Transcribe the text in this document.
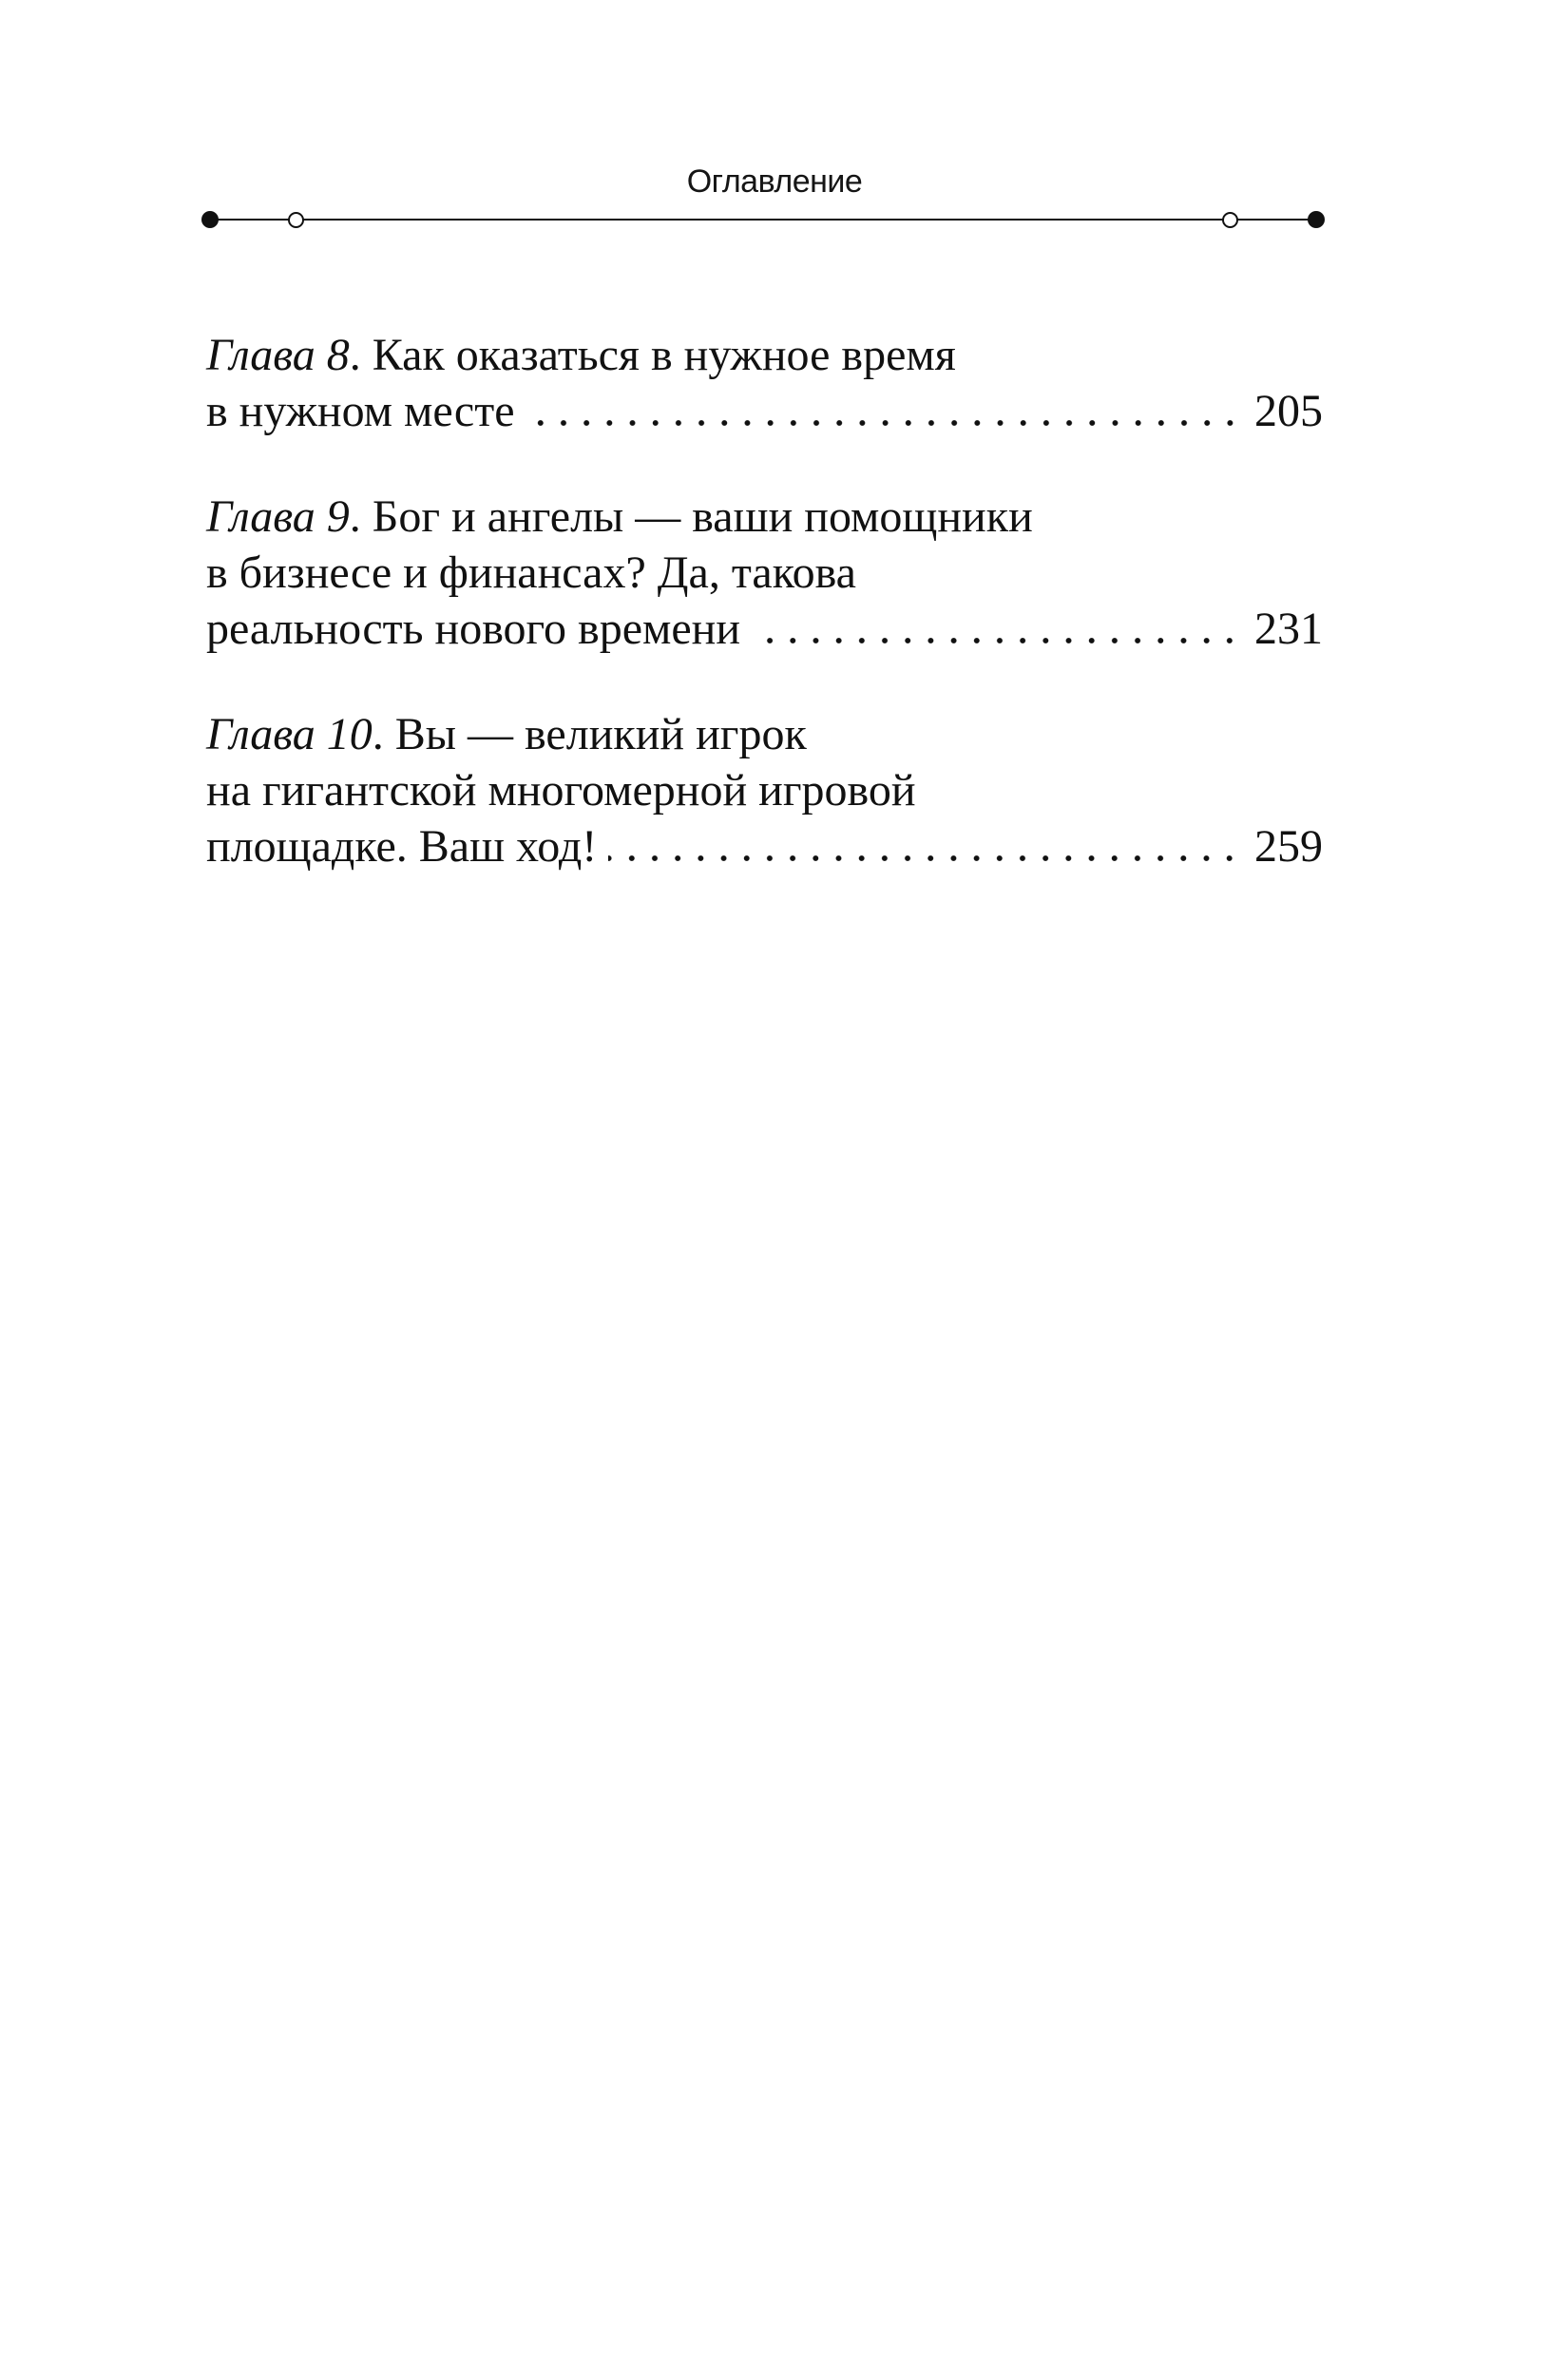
Оглавление
Глава 8. Как оказаться в нужное время
в нужном месте	205
Глава 9. Бог и ангелы — ваши помощники
в бизнесе и финансах? Да, такова
реальность нового времени	231
Глава 10. Вы — великий игрок
на гигантской многомерной игровой
площадке. Ваш ход!	259
